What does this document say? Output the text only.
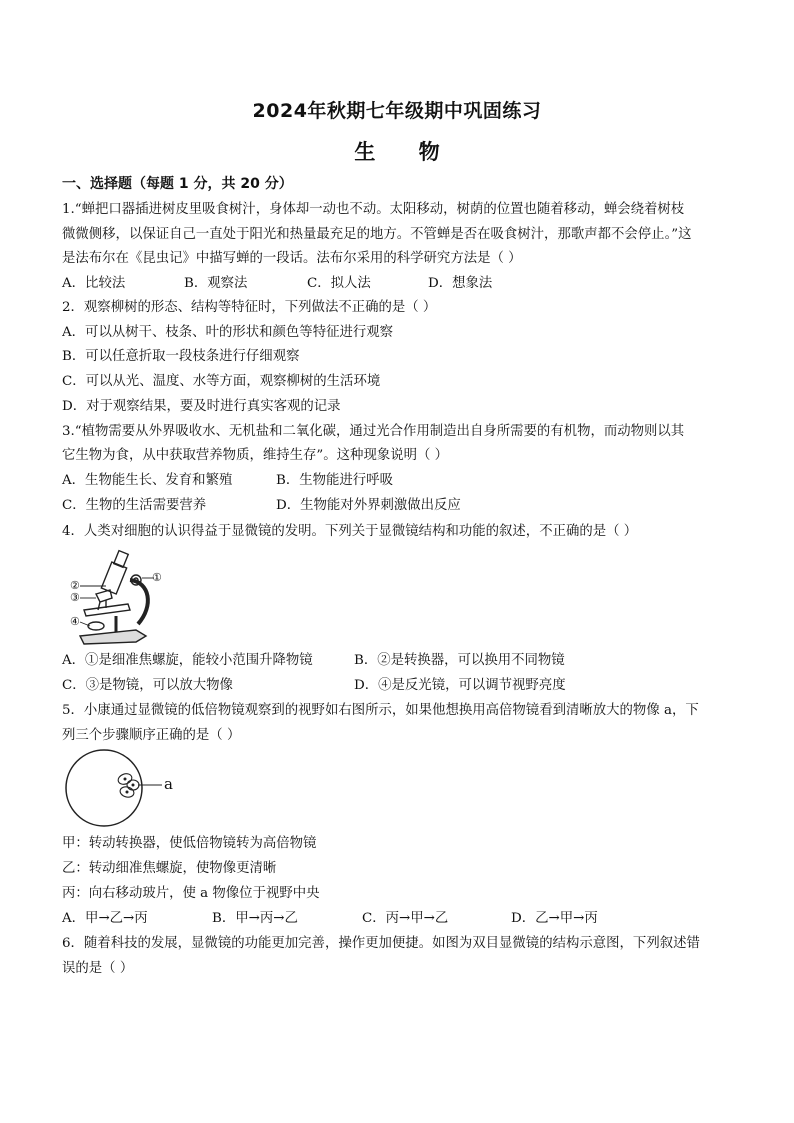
2024年秋期七年级期中巩固练习
生 物
一、选择题（每题 1 分，共 20 分）
1.“蝉把口器插进树皮里吸食树汁，身体却一动也不动。太阳移动，树荫的位置也随着移动，蝉会绕着树枝
微微侧移，以保证自己一直处于阳光和热量最充足的地方。不管蝉是否在吸食树汁，那歌声都不会停止。”这
是法布尔在《昆虫记》中描写蝉的一段话。法布尔采用的科学研究方法是（ ）
A．比较法	B．观察法	C．拟人法	D．想象法
2．观察柳树的形态、结构等特征时，下列做法不正确的是（ ）
A．可以从树干、枝条、叶的形状和颜色等特征进行观察
B．可以任意折取一段枝条进行仔细观察
C．可以从光、温度、水等方面，观察柳树的生活环境
D．对于观察结果，要及时进行真实客观的记录
3.“植物需要从外界吸收水、无机盐和二氧化碳，通过光合作用制造出自身所需要的有机物，而动物则以其
它生物为食，从中获取营养物质，维持生存”。这种现象说明（ ）
A．生物能生长、发育和繁殖	B．生物能进行呼吸
C．生物的生活需要营养	D．生物能对外界刺激做出反应
4．人类对细胞的认识得益于显微镜的发明。下列关于显微镜结构和功能的叙述，不正确的是（ ）
②
③
①
④
A．①是细准焦螺旋，能较小范围升降物镜	B．②是转换器，可以换用不同物镜
C．③是物镜，可以放大物像	D．④是反光镜，可以调节视野亮度
5．小康通过显微镜的低倍物镜观察到的视野如右图所示，如果他想换用高倍物镜看到清晰放大的物像 a，下
列三个步骤顺序正确的是（ ）
a
甲：转动转换器，使低倍物镜转为高倍物镜
乙：转动细准焦螺旋，使物像更清晰
丙：向右移动玻片，使 a 物像位于视野中央
A．甲→乙→丙	B．甲→丙→乙	C．丙→甲→乙	D．乙→甲→丙
6．随着科技的发展，显微镜的功能更加完善，操作更加便捷。如图为双目显微镜的结构示意图，下列叙述错
误的是（ ）
